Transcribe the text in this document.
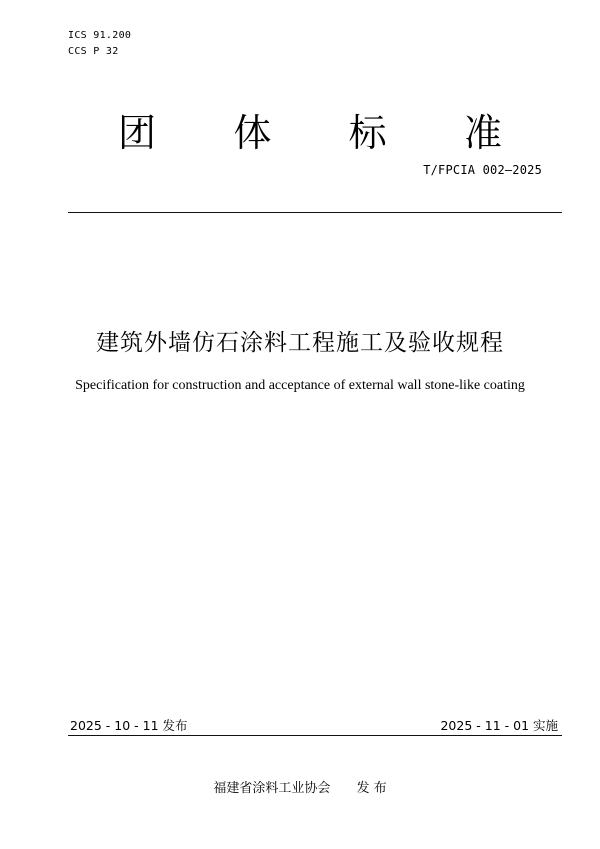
ICS 91.200
CCS P 32
团 体 标 准
T/FPCIA 002—2025
建筑外墙仿石涂料工程施工及验收规程
Specification for construction and acceptance of external wall stone-like coating
2025 - 10 - 11 发布	2025 - 11 - 01 实施
福建省涂料工业协会 发 布
